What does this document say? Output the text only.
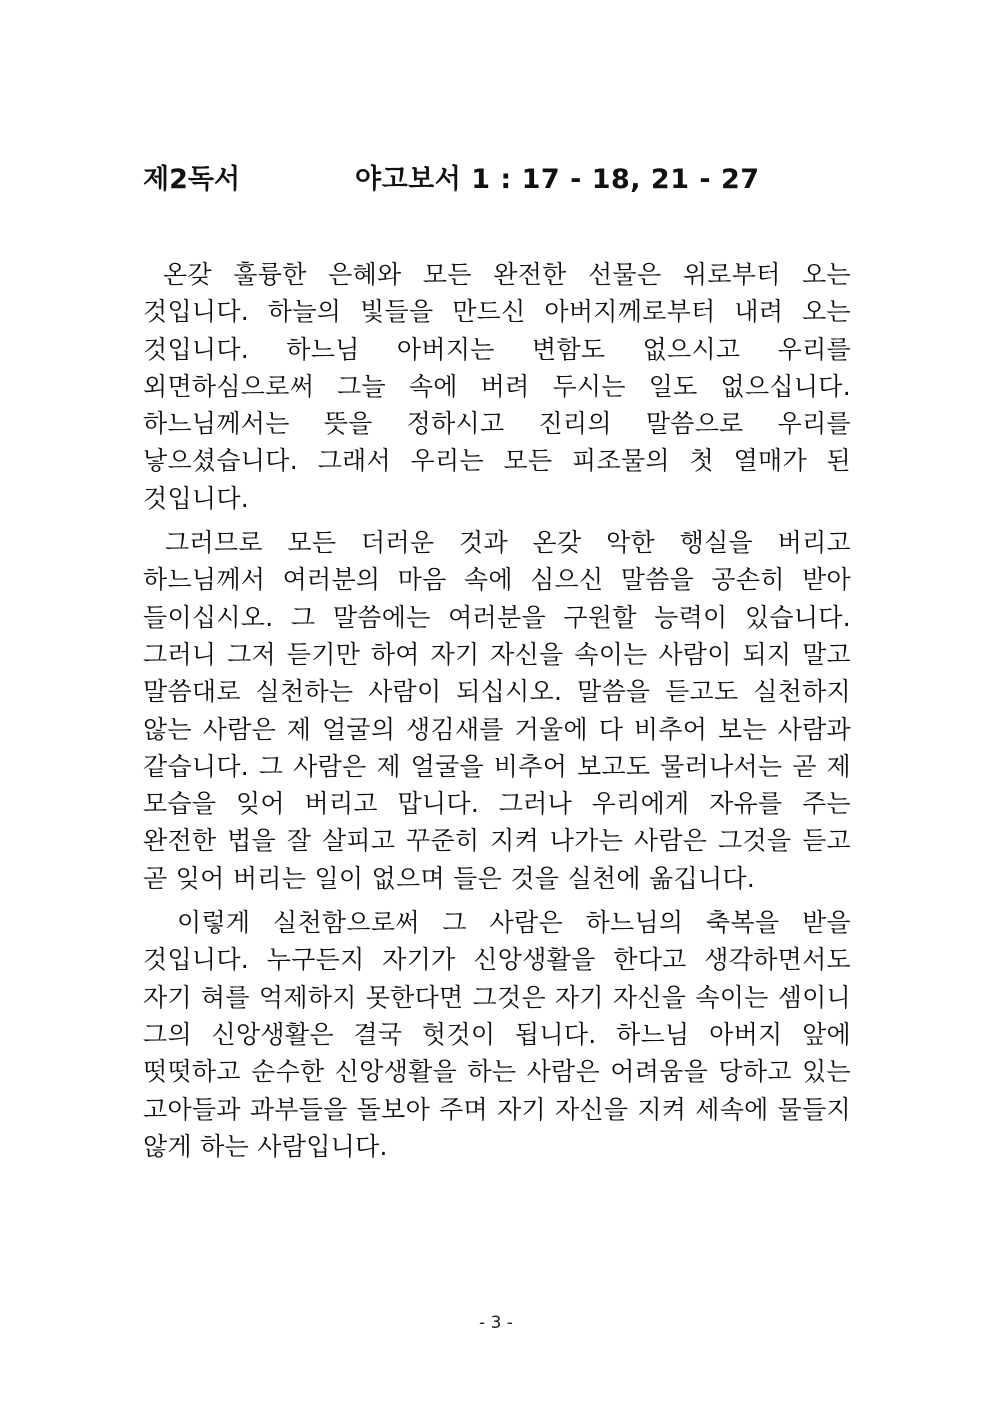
제2독서	야고보서 1 : 17 - 18, 21 - 27

온갖 훌륭한 은혜와 모든 완전한 선물은 위로부터 오는 것입니다. 하늘의 빛들을 만드신 아버지께로부터 내려 오는 것입니다. 하느님 아버지는 변함도 없으시고 우리를 외면하심으로써 그늘 속에 버려 두시는 일도 없으십니다. 하느님께서는 뜻을 정하시고 진리의 말씀으로 우리를 낳으셨습니다. 그래서 우리는 모든 피조물의 첫 열매가 된 것입니다.

그러므로 모든 더러운 것과 온갖 악한 행실을 버리고 하느님께서 여러분의 마음 속에 심으신 말씀을 공손히 받아 들이십시오. 그 말씀에는 여러분을 구원할 능력이 있습니다. 그러니 그저 듣기만 하여 자기 자신을 속이는 사람이 되지 말고 말씀대로 실천하는 사람이 되십시오. 말씀을 듣고도 실천하지 않는 사람은 제 얼굴의 생김새를 거울에 다 비추어 보는 사람과 같습니다. 그 사람은 제 얼굴을 비추어 보고도 물러나서는 곧 제 모습을 잊어 버리고 맙니다. 그러나 우리에게 자유를 주는 완전한 법을 잘 살피고 꾸준히 지켜 나가는 사람은 그것을 듣고 곧 잊어 버리는 일이 없으며 들은 것을 실천에 옮깁니다.

이렇게 실천함으로써 그 사람은 하느님의 축복을 받을 것입니다. 누구든지 자기가 신앙생활을 한다고 생각하면서도 자기 혀를 억제하지 못한다면 그것은 자기 자신을 속이는 셈이니 그의 신앙생활은 결국 헛것이 됩니다. 하느님 아버지 앞에 떳떳하고 순수한 신앙생활을 하는 사람은 어려움을 당하고 있는 고아들과 과부들을 돌보아 주며 자기 자신을 지켜 세속에 물들지 않게 하는 사람입니다.

- 3 -
